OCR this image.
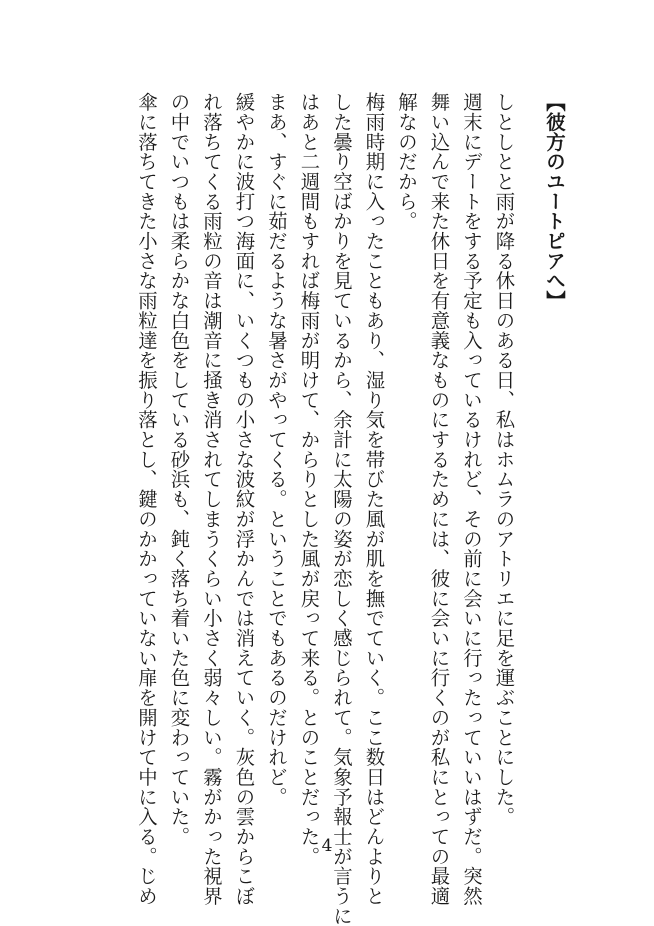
【彼方のユートピアへ】
しとしとと雨が降る休日のある日、私はホムラのアトリエに足を運ぶことにした。
週末にデートをする予定も入っているけれど、その前に会いに行ったっていいはずだ。突然
舞い込んで来た休日を有意義なものにするためには、彼に会いに行くのが私にとっての最適
解なのだから。
梅雨時期に入ったこともあり、湿り気を帯びた風が肌を撫でていく。ここ数日はどんよりと
した曇り空ばかりを見ているから、余計に太陽の姿が恋しく感じられて。気象予報士が言うに
はあと二週間もすれば梅雨が明けて、からりとした風が戻って来る。とのことだった。
まあ、すぐに茹だるような暑さがやってくる。ということでもあるのだけれど。
緩やかに波打つ海面に、いくつもの小さな波紋が浮かんでは消えていく。灰色の雲からこぼ
れ落ちてくる雨粒の音は潮音に掻き消されてしまうくらい小さく弱々しい。霧がかった視界
の中でいつもは柔らかな白色をしている砂浜も、鈍く落ち着いた色に変わっていた。
傘に落ちてきた小さな雨粒達を振り落とし、鍵のかかっていない扉を開けて中に入る。じめ	4
